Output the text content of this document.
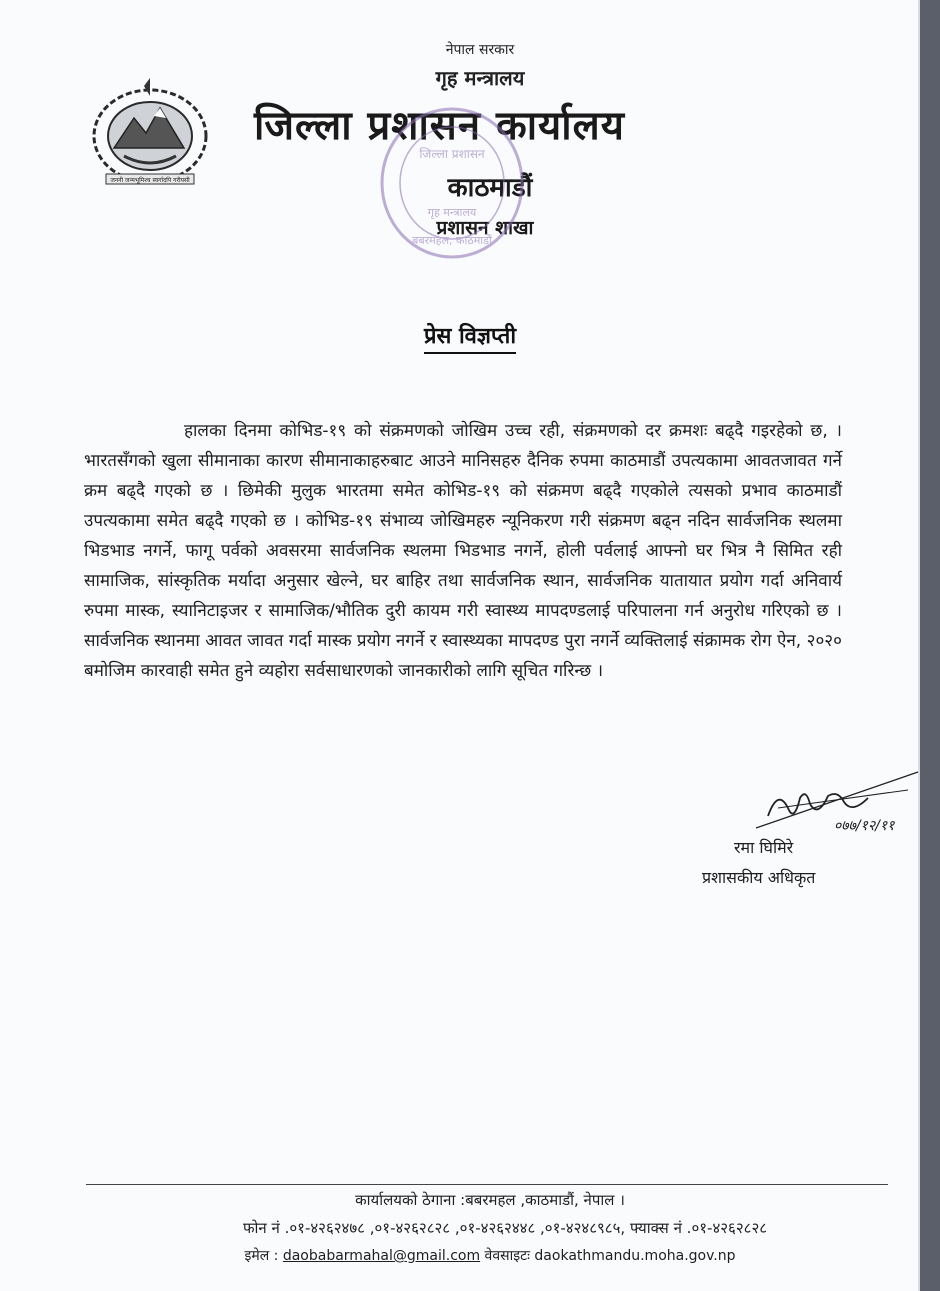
जननी जन्मभूमिश्च स्वर्गादपि गरीयसी
नेपाल सरकार
गृह मन्त्रालय
जिल्ला प्रशासन कार्यालय
काठमाडौं
प्रशासन शाखा
जिल्ला प्रशासन
गृह मन्त्रालय
बबरमहल, काठमाडौं
प्रेस विज्ञप्ती
हालका दिनमा कोभिड-१९ को संक्रमणको जोखिम उच्च रही, संक्रमणको दर क्रमशः बढ्दै गइरहेको छ, । भारतसँगको खुला सीमानाका कारण सीमानाकाहरुबाट आउने मानिसहरु दैनिक रुपमा काठमाडौं उपत्यकामा आवतजावत गर्ने क्रम बढ्दै गएको छ । छिमेकी मुलुक भारतमा समेत कोभिड-१९ को संक्रमण बढ्दै गएकोले त्यसको प्रभाव काठमाडौं उपत्यकामा समेत बढ्दै गएको छ । कोभिड-१९ संभाव्य जोखिमहरु न्यूनिकरण गरी संक्रमण बढ्न नदिन सार्वजनिक स्थलमा भिडभाड नगर्ने, फागू पर्वको अवसरमा सार्वजनिक स्थलमा भिडभाड नगर्ने, होली पर्वलाई आफ्नो घर भित्र नै सिमित रही सामाजिक, सांस्कृतिक मर्यादा अनुसार खेल्ने, घर बाहिर तथा सार्वजनिक स्थान, सार्वजनिक यातायात प्रयोग गर्दा अनिवार्य रुपमा मास्क, स्यानिटाइजर र सामाजिक/भौतिक दुरी कायम गरी स्वास्थ्य मापदण्डलाई परिपालना गर्न अनुरोध गरिएको छ । सार्वजनिक स्थानमा आवत जावत गर्दा मास्क प्रयोग नगर्ने र स्वास्थ्यका मापदण्ड पुरा नगर्ने व्यक्तिलाई संक्रामक रोग ऐन, २०२० बमोजिम कारवाही समेत हुने व्यहोरा सर्वसाधारणको जानकारीको लागि सूचित गरिन्छ ।
०७७/१२/११
रमा घिमिरे
प्रशासकीय अधिकृत
कार्यालयको ठेगाना :बबरमहल ,काठमाडौं, नेपाल ।
फोन नं .०१-४२६२४७८ ,०१-४२६२८२८ ,०१-४२६२४४८ ,०१-४२४८९८५, फ्याक्स नं .०१-४२६२८२८
इमेल : daobabarmahal@gmail.com वेवसाइटः daokathmandu.moha.gov.np
